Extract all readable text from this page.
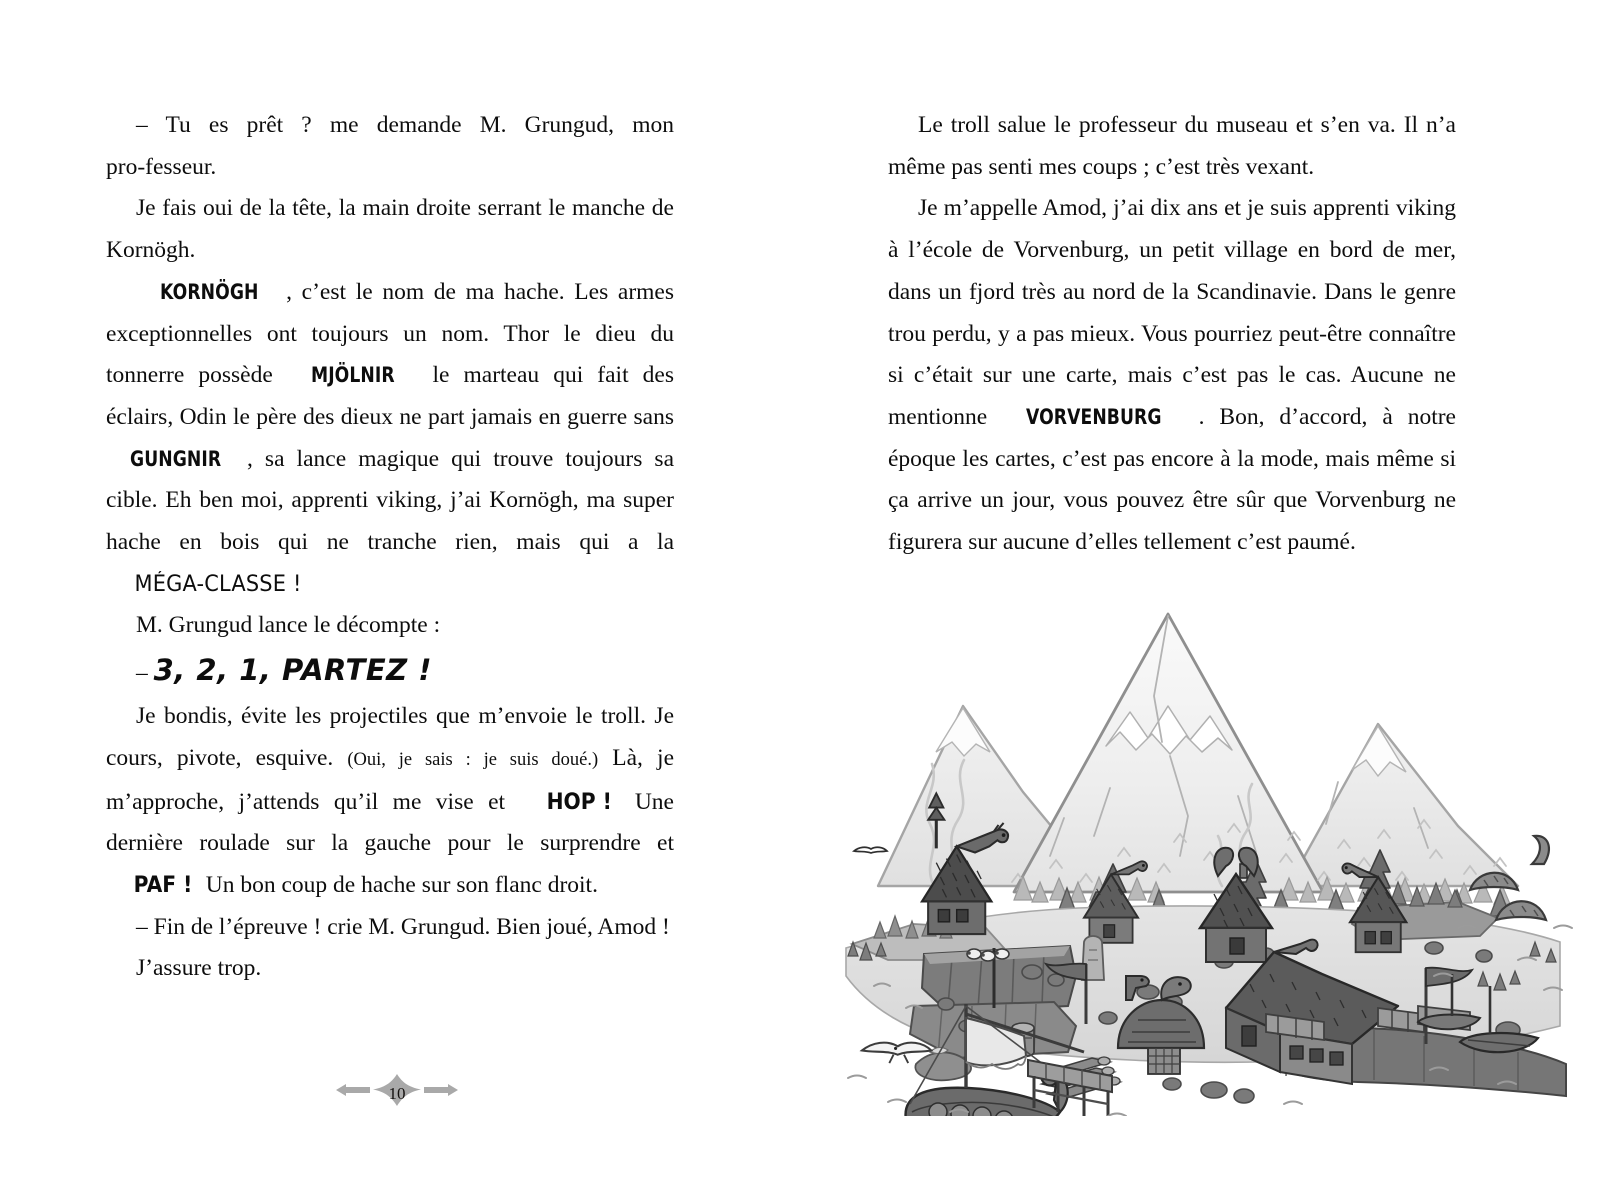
– Tu es prêt ? me demande M. Grungud, mon pro‑fesseur.

Je fais oui de la tête, la main droite serrant le manche de Kornögh.

KORNÖGH , c’est le nom de ma hache. Les armes exceptionnelles ont toujours un nom. Thor le dieu du tonnerre possède MJÖLNIR le marteau qui fait des éclairs, Odin le père des dieux ne part jamais en guerre sans GUNGNIR , sa lance magique qui trouve toujours sa cible. Eh ben moi, apprenti viking, j’ai Kornögh, ma super hache en bois qui ne tranche rien, mais qui a la MÉGA-CLASSE !

M. Grungud lance le décompte :

– 3, 2, 1, PARTEZ !

Je bondis, évite les projectiles que m’envoie le troll. Je cours, pivote, esquive. (Oui, je sais : je suis doué.) Là, je m’approche, j’attends qu’il me vise et HOP ! Une dernière roulade sur la gauche pour le surprendre et PAF ! Un bon coup de hache sur son flanc droit.

– Fin de l’épreuve ! crie M. Grungud. Bien joué, Amod !

J’assure trop.

Le troll salue le professeur du museau et s’en va. Il n’a même pas senti mes coups ; c’est très vexant.

Je m’appelle Amod, j’ai dix ans et je suis apprenti viking à l’école de Vorvenburg, un petit village en bord de mer, dans un fjord très au nord de la Scandinavie. Dans le genre trou perdu, y a pas mieux. Vous pourriez peut-être connaître si c’était sur une carte, mais c’est pas le cas. Aucune ne mentionne VORVENBURG . Bon, d’accord, à notre époque les cartes, c’est pas encore à la mode, mais même si ça arrive un jour, vous pouvez être sûr que Vorvenburg ne figurera sur aucune d’elles tellement c’est paumé.

10
